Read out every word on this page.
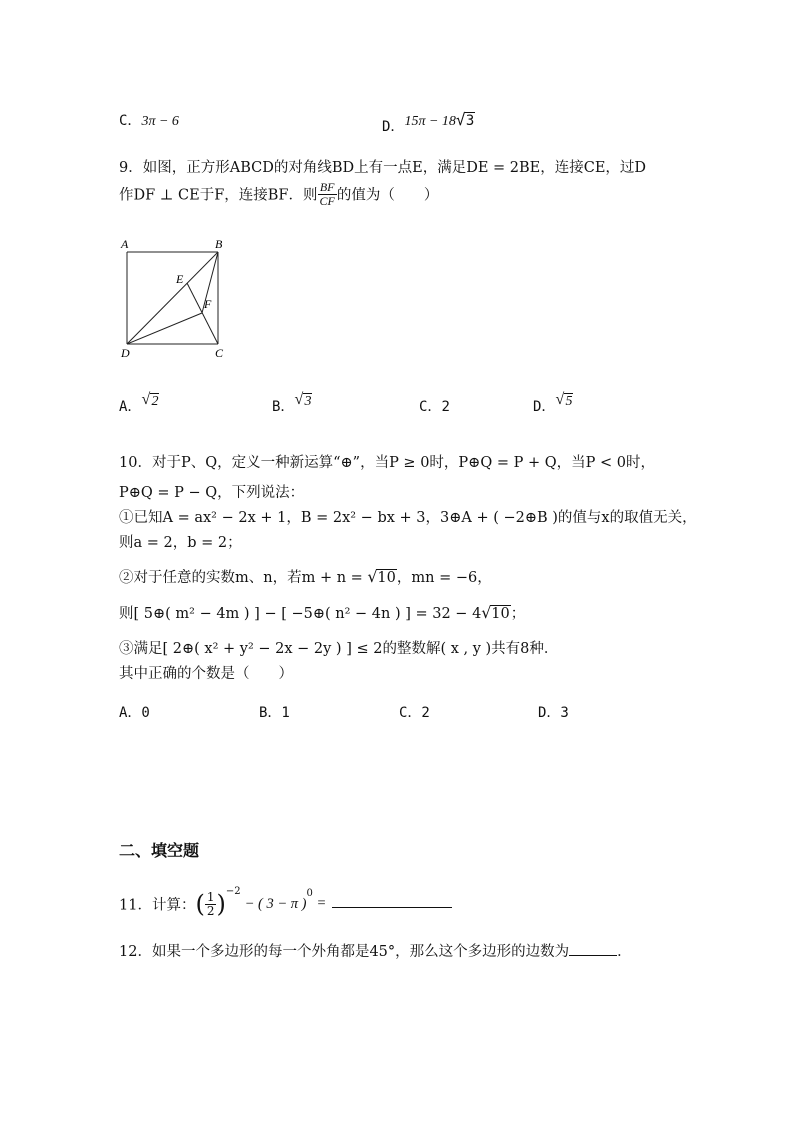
C．3π − 6	D．15π − 18 √ 3
9．如图，正方形ABCD的对角线BD上有一点E，满足DE = 2BE，连接CE，过D
作DF ⊥ CE于F，连接BF．则 $\frac{BF}{CF}$ 的值为（　　）
A	B
C
D
E
F
A． √ 2	B． √ 3	C．2	D． √ 5
10．对于P、Q，定义一种新运算“⊕”，当P ≥ 0时，P⊕Q = P + Q，当P < 0时，
P⊕Q = P − Q，下列说法：
①已知A = ax² − 2x + 1，B = 2x² − bx + 3，3⊕A + ( −2⊕B )的值与x的取值无关，
则a = 2，b = 2；
②对于任意的实数m、n，若m + n = √ 10，mn = −6，
则[ 5⊕( m² − 4m ) ] − [ −5⊕( n² − 4n ) ] = 32 − 4 √ 10；
③满足[ 2⊕( x² + y² − 2x − 2y ) ] ≤ 2的整数解( x , y )共有8种．
其中正确的个数是（　　）
A．0	B．1	C．2	D．3
二、填空题
11．计算：( $\frac{1}{2} )^{-2}-$ ( 3 − π )$^0$ =
12．如果一个多边形的每一个外角都是45°，那么这个多边形的边数为	．
